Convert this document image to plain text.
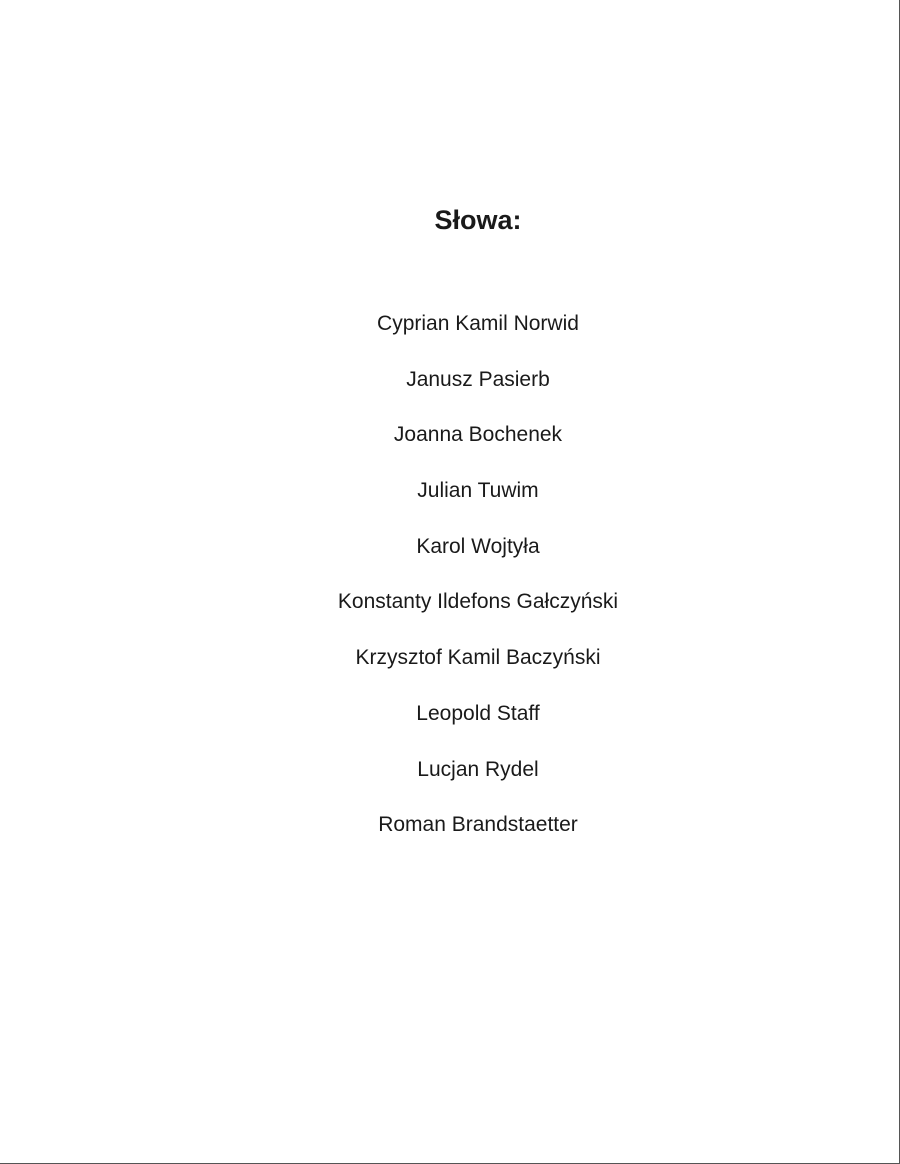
Słowa:
Cyprian Kamil Norwid
Janusz Pasierb
Joanna Bochenek
Julian Tuwim
Karol Wojtyła
Konstanty Ildefons Gałczyński
Krzysztof Kamil Baczyński
Leopold Staff
Lucjan Rydel
Roman Brandstaetter
